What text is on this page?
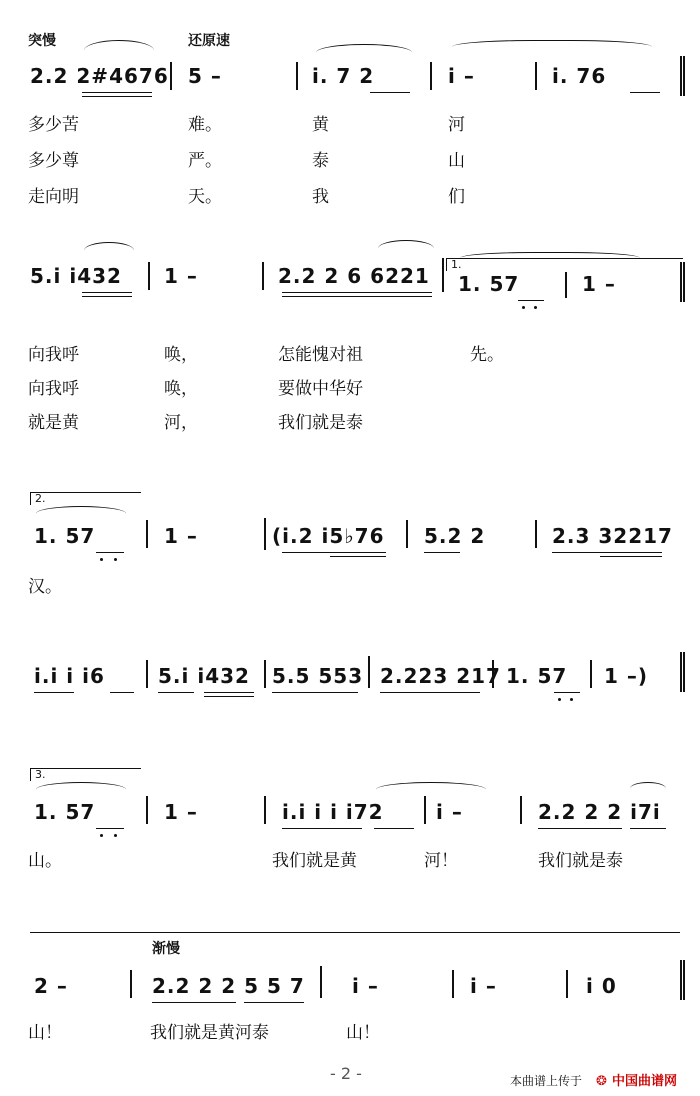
突慢	还原速
2.2 2#4676 5 –	i. 7 2	i –	i. 76
多少苦	难。	黄	河
多少尊	严。	泰	山
走向明	天。	我	们
5.i i432 1 –	2.2 2 6 6221 1.
1. 57	1 –
向我呼	唤，	怎能愧对祖	先。
向我呼	唤，	要做中华好
就是黄	河，	我们就是泰
2.
1. 57	1 –	(i.2 i5♭76 5.2 2	2.3 32217
汉。
i.i i i6	5.i i432 5.5 553 2.223 217 1. 57 1 –)
3.
1. 57	1 –	i.i i i i72	i –	2.2 2 2 i7i
山。	我们就是黄	河！	我们就是泰
渐慢
2 –	2.2 2 2 5 5 7 i –	i –	i 0
山！	我们就是黄河泰	山！
- 2 -	本曲谱上传于 ❂ 中国曲谱网
